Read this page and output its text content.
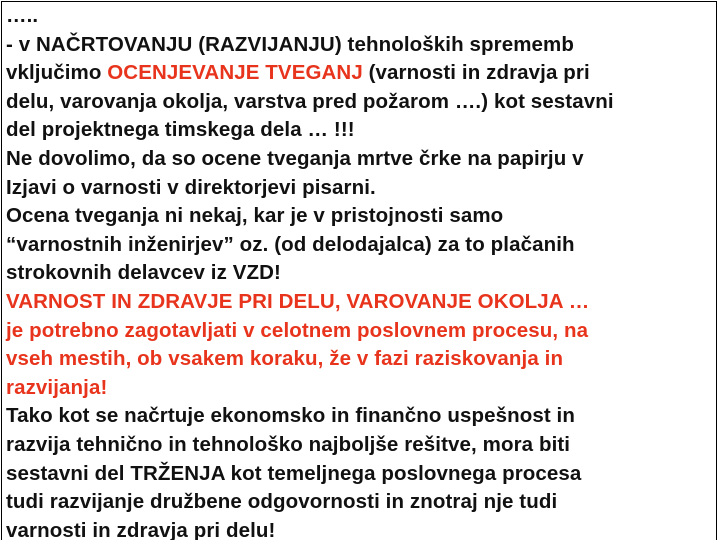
…..
- v NAČRTOVANJU (RAZVIJANJU) tehnoloških sprememb
vključimo OCENJEVANJE TVEGANJ (varnosti in zdravja pri
delu, varovanja okolja, varstva pred požarom ….) kot sestavni
del projektnega timskega dela … !!!
Ne dovolimo, da so ocene tveganja mrtve črke na papirju v
Izjavi o varnosti v direktorjevi pisarni.
Ocena tveganja ni nekaj, kar je v pristojnosti samo
“varnostnih inženirjev” oz. (od delodajalca) za to plačanih
strokovnih delavcev iz VZD!
VARNOST IN ZDRAVJE PRI DELU, VAROVANJE OKOLJA …
je potrebno zagotavljati v celotnem poslovnem procesu, na
vseh mestih, ob vsakem koraku, že v fazi raziskovanja in
razvijanja!
Tako kot se načrtuje ekonomsko in finančno uspešnost in
razvija tehnično in tehnološko najboljše rešitve, mora biti
sestavni del TRŽENJA kot temeljnega poslovnega procesa
tudi razvijanje družbene odgovornosti in znotraj nje tudi
varnosti in zdravja pri delu!
